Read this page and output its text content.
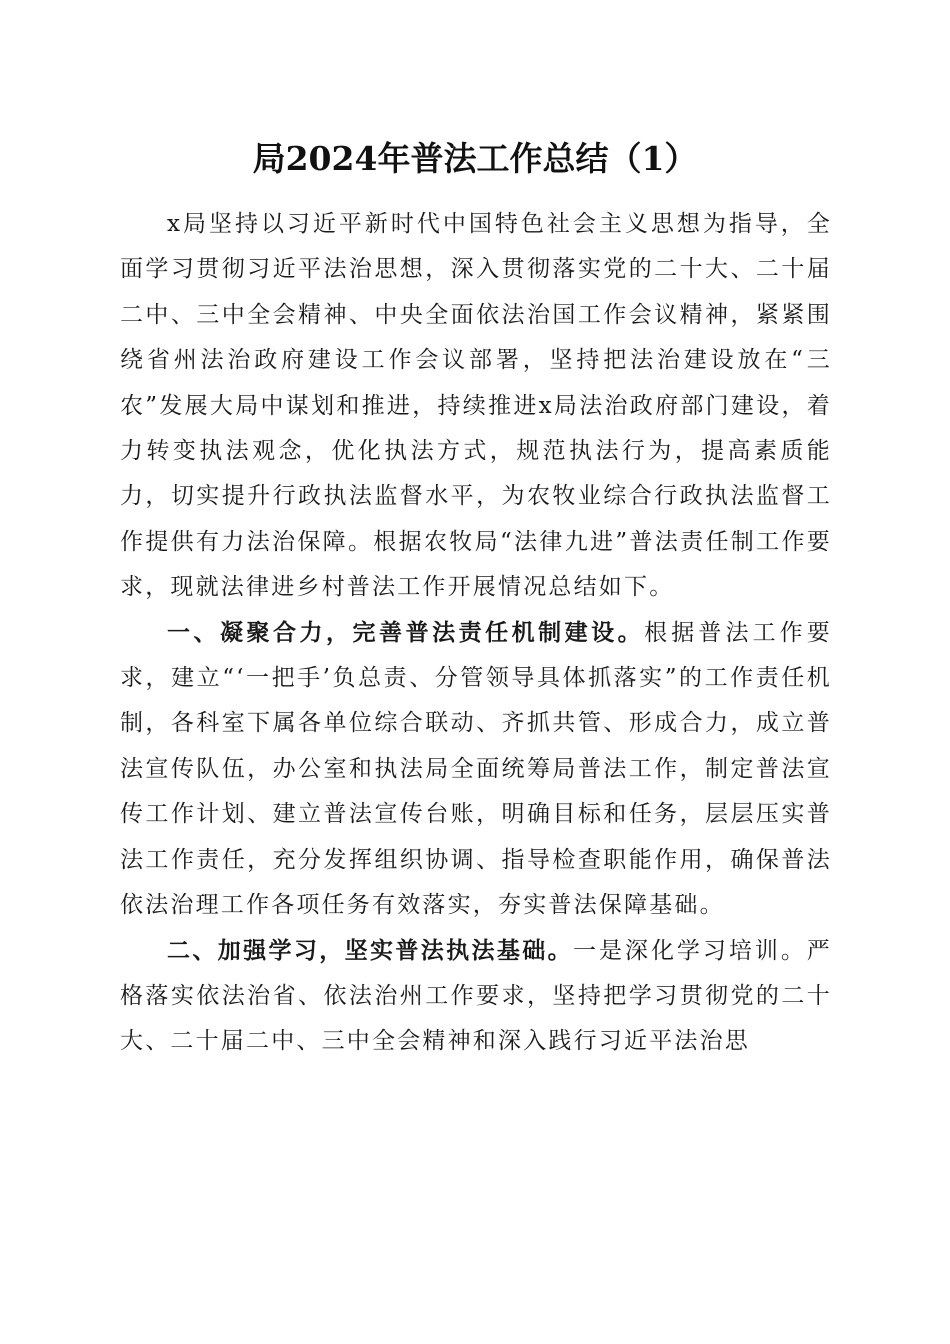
局2024年普法工作总结（1）

x局坚持以习近平新时代中国特色社会主义思想为指导，全面学习贯彻习近平法治思想，深入贯彻落实党的二十大、二十届二中、三中全会精神、中央全面依法治国工作会议精神，紧紧围绕省州法治政府建设工作会议部署，坚持把法治建设放在“三农”发展大局中谋划和推进，持续推进x局法治政府部门建设，着力转变执法观念，优化执法方式，规范执法行为，提高素质能力，切实提升行政执法监督水平，为农牧业综合行政执法监督工作提供有力法治保障。根据农牧局“法律九进”普法责任制工作要求，现就法律进乡村普法工作开展情况总结如下。

一、凝聚合力，完善普法责任机制建设。根据普法工作要求，建立“‘一把手’负总责、分管领导具体抓落实”的工作责任机制，各科室下属各单位综合联动、齐抓共管、形成合力，成立普法宣传队伍，办公室和执法局全面统筹局普法工作，制定普法宣传工作计划、建立普法宣传台账，明确目标和任务，层层压实普法工作责任，充分发挥组织协调、指导检查职能作用，确保普法依法治理工作各项任务有效落实，夯实普法保障基础。

二、加强学习，坚实普法执法基础。一是深化学习培训。严格落实依法治省、依法治州工作要求，坚持把学习贯彻党的二十大、二十届二中、三中全会精神和深入践行习近平法治思
